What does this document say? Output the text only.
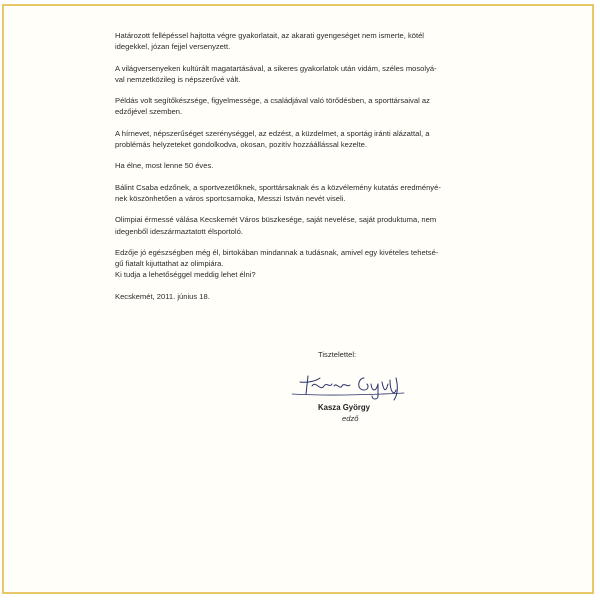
Határozott fellépéssel hajtotta végre gyakorlatait, az akarati gyengeséget nem ismerte, kötél
idegekkel, józan fejjel versenyzett.

A világversenyeken kultúrált magatartásával, a sikeres gyakorlatok után vidám, széles mosolyá-
val nemzetközileg is népszerűvé vált.

Példás volt segítőkészsége, figyelmessége, a családjával való törődésben, a sporttársaival az
edzőjével szemben.

A hírnevet, népszerűséget szerénységgel, az edzést, a küzdelmet, a sportág iránti alázattal, a
problémás helyzeteket gondolkodva, okosan, pozitív hozzáállással kezelte.

Ha élne, most lenne 50 éves.

Bálint Csaba edzőnek, a sportvezetőknek, sporttársaknak és a közvélemény kutatás eredményé-
nek köszönhetően a város sportcsarnoka, Messzi István nevét viseli.

Olimpiai érmessé válása Kecskemét Város büszkesége, saját nevelése, saját produktuma, nem
idegenből ideszármaztatott élsportoló.

Edzője jó egészségben még él, birtokában mindannak a tudásnak, amivel egy kivételes tehetsé-
gű fiatalt kijuttathat az olimpiára.
Ki tudja a lehetőséggel meddig lehet élni?

Kecskemét, 2011. június 18.

Tisztelettel:
Kasza György
edző
